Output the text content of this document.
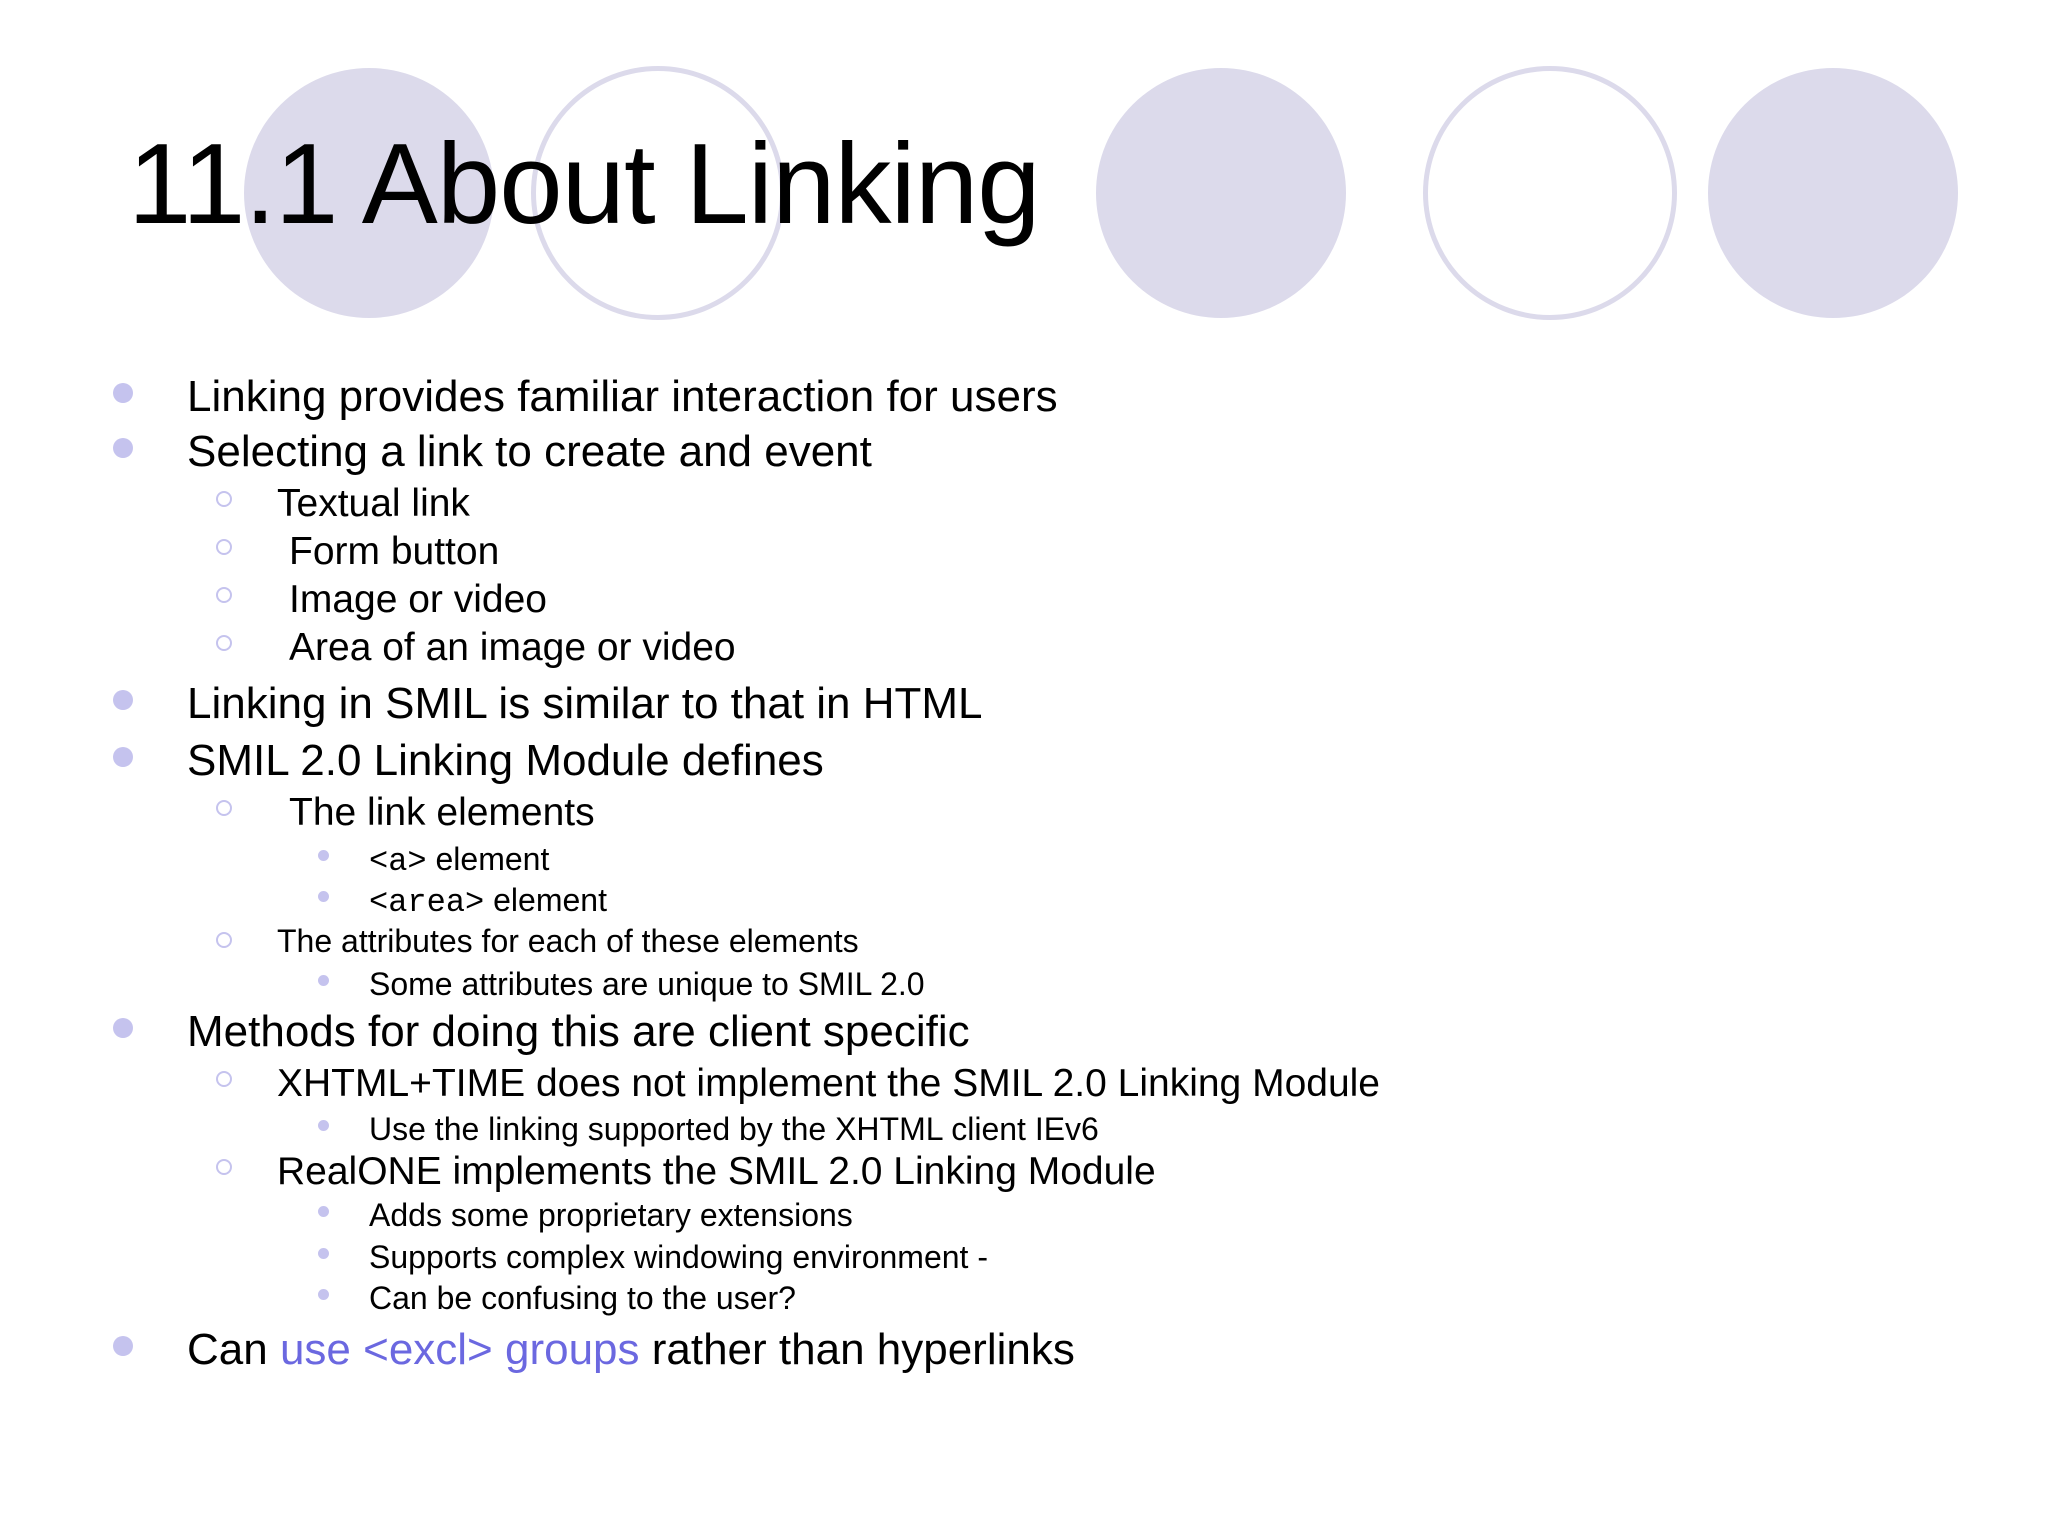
11.1 About Linking
Linking provides familiar interaction for users
Selecting a link to create and event
Textual link
Form button
Image or video
Area of an image or video
Linking in SMIL is similar to that in HTML
SMIL 2.0 Linking Module defines
The link elements
<a> element
<area> element
The attributes for each of these elements
Some attributes are unique to SMIL 2.0
Methods for doing this are client specific
XHTML+TIME does not implement the SMIL 2.0 Linking Module
Use the linking supported by the XHTML client IEv6
RealONE implements the SMIL 2.0 Linking Module
Adds some proprietary extensions
Supports complex windowing environment -
Can be confusing to the user?
Can use <excl> groups rather than hyperlinks
